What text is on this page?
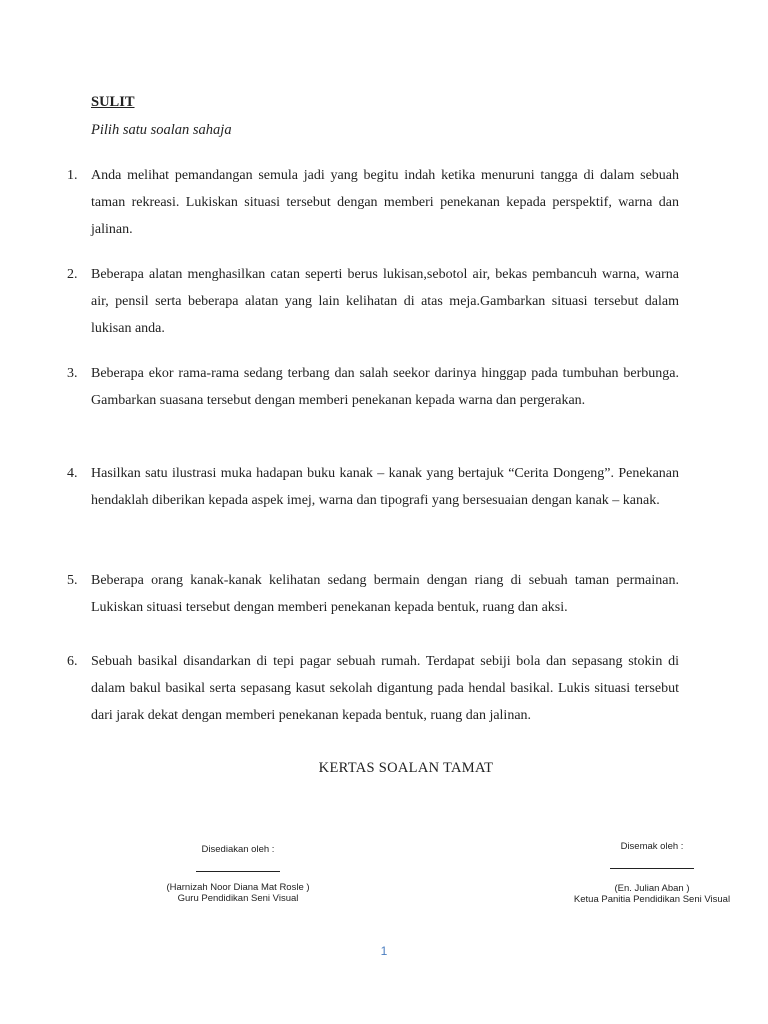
SULIT
Pilih satu soalan sahaja
1. Anda melihat pemandangan semula jadi yang begitu indah ketika menuruni tangga di dalam sebuah taman rekreasi. Lukiskan situasi tersebut dengan memberi penekanan kepada perspektif, warna dan jalinan.
2. Beberapa alatan menghasilkan catan seperti berus lukisan,sebotol air, bekas pembancuh warna, warna air, pensil serta beberapa alatan yang lain kelihatan di atas meja.Gambarkan situasi tersebut dalam lukisan anda.
3. Beberapa ekor rama-rama sedang terbang dan salah seekor darinya hinggap pada tumbuhan berbunga. Gambarkan suasana tersebut dengan memberi penekanan kepada warna dan pergerakan.
4. Hasilkan satu ilustrasi muka hadapan buku kanak – kanak yang bertajuk “Cerita Dongeng”. Penekanan hendaklah diberikan kepada aspek imej, warna dan tipografi yang bersesuaian dengan kanak – kanak.
5. Beberapa orang kanak-kanak kelihatan sedang bermain dengan riang di sebuah taman permainan. Lukiskan situasi tersebut dengan memberi penekanan kepada bentuk, ruang dan aksi.
6. Sebuah basikal disandarkan di tepi pagar sebuah rumah. Terdapat sebiji bola dan sepasang stokin di dalam bakul basikal serta sepasang kasut sekolah digantung pada hendal basikal. Lukis situasi tersebut dari jarak dekat dengan memberi penekanan kepada bentuk, ruang dan jalinan.
KERTAS SOALAN TAMAT
Disediakan oleh :
(Harnizah Noor Diana Mat Rosle )
Guru Pendidikan Seni Visual
Disemak oleh :
(En. Julian Aban )
Ketua Panitia Pendidikan Seni Visual
1
